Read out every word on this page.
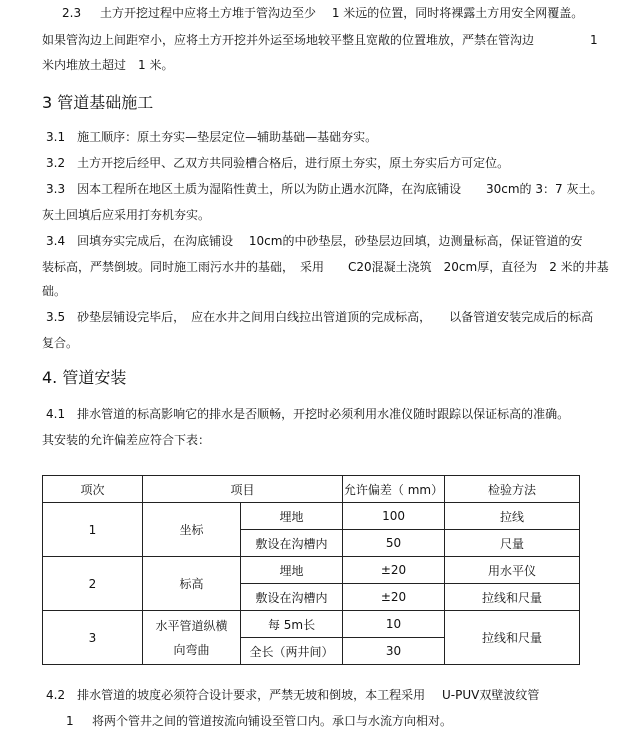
2.3 土方开挖过程中应将土方堆于管沟边至少　 1 米远的位置，同时将裸露土方用安全网覆盖。
如果管沟边上间距窄小，应将土方开挖并外运至场地较平整且宽敞的位置堆放，严禁在管沟边	1
米内堆放土超过　1 米。
3 管道基础施工
3.1　施工顺序：原土夯实—垫层定位—辅助基础—基础夯实。
3.2　土方开挖后经甲、乙双方共同验槽合格后，进行原土夯实，原土夯实后方可定位。
3.3　因本工程所在地区土质为湿陷性黄土，所以为防止遇水沉降，在沟底铺设 30cm的 3：7 灰土。
灰土回填后应采用打夯机夯实。
3.4　回填夯实完成后，在沟底铺设　 10cm的中砂垫层，砂垫层边回填，边测量标高，保证管道的安
装标高，严禁倒坡。同时施工雨污水井的基础，　采用　　C20混凝土浇筑　20cm厚，直径为　2 米的井基
础。
3.5　砂垫层铺设完毕后，　应在水井之间用白线拉出管道顶的完成标高，　　以备管道安装完成后的标高
复合。
4. 管道安装
4.1　排水管道的标高影响它的排水是否顺畅，开挖时必须利用水准仪随时跟踪以保证标高的准确。
其安装的允许偏差应符合下表：
项次	项目		允许偏差（ mm）	检验方法
1	坐标	埋地	100	拉线
		敷设在沟槽内	50	尺量
2	标高	埋地	±20	用水平仪
		敷设在沟槽内	±20	拉线和尺量
3	水平管道纵横
向弯曲	每 5m长	10	拉线和尺量
		全长（两井间）	30	
4.2　排水管道的坡度必须符合设计要求，严禁无坡和倒坡，本工程采用 U-PUV双壁波纹管
1 将两个管井之间的管道按流向铺设至管口内。承口与水流方向相对。
